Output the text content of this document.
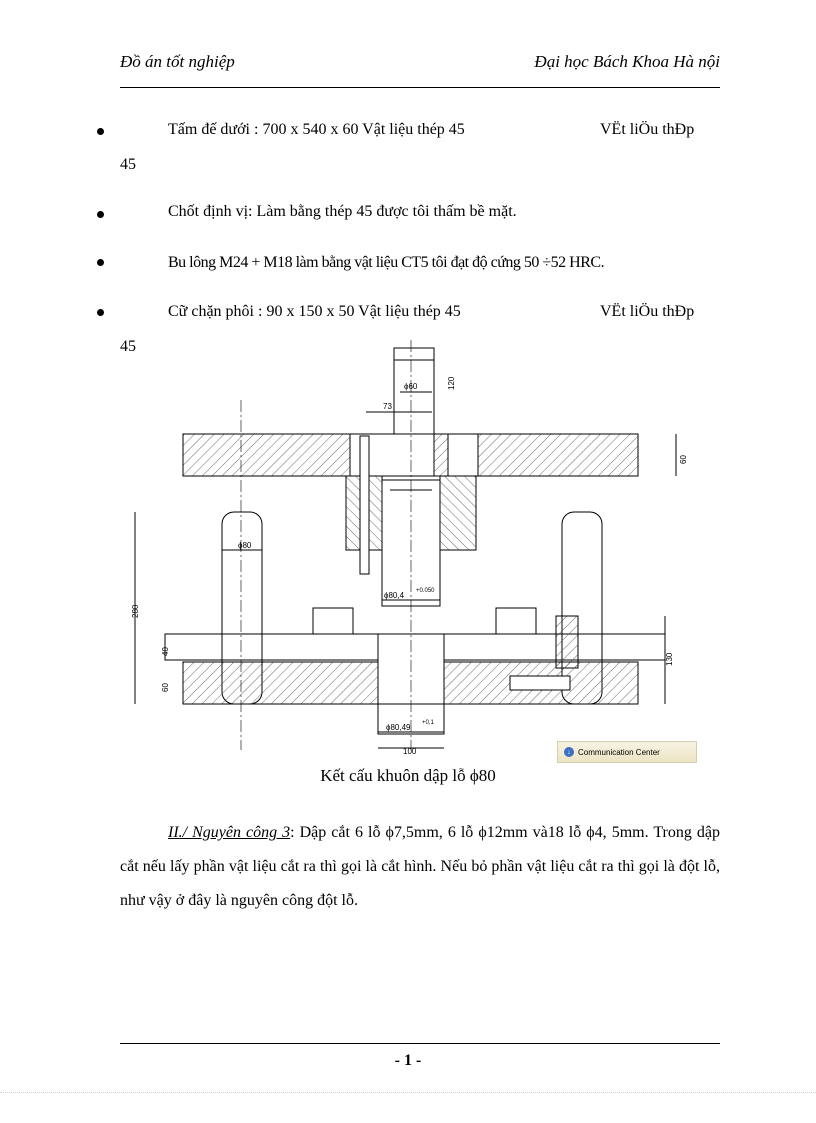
Đồ án tốt nghiệp	Đại học Bách Khoa Hà nội
Tấm đế dưới : 700 x 540 x 60 Vật liệu thép 45	VËt liÖu thÐp
45
Chốt định vị: Làm bằng thép 45 được tôi thấm bề mặt.
Bu lông M24 + M18 làm bằng vật liệu CT5 tôi đạt độ cứng 50 ÷52 HRC.
Cữ chặn phôi : 90 x 150 x 50 Vật liệu thép 45	VËt liÖu thÐp
45
ϕ60	120
73
60
ϕ80
280
40
60
ϕ80,4 +0.050
130
ϕ80,49 +0,1
100	↓ Communication Center
Kết cấu khuôn dập lỗ ϕ80
II./ Nguyên công 3: Dập cắt 6 lỗ ϕ7,5mm, 6 lỗ ϕ12mm và18 lỗ ϕ4, 5mm. Trong dập cắt nếu lấy phần vật liệu cắt ra thì gọi là cắt hình. Nếu bỏ phần vật liệu cắt ra thì gọi là đột lỗ, như vậy ở đây là nguyên công đột lỗ.
- 1 -
